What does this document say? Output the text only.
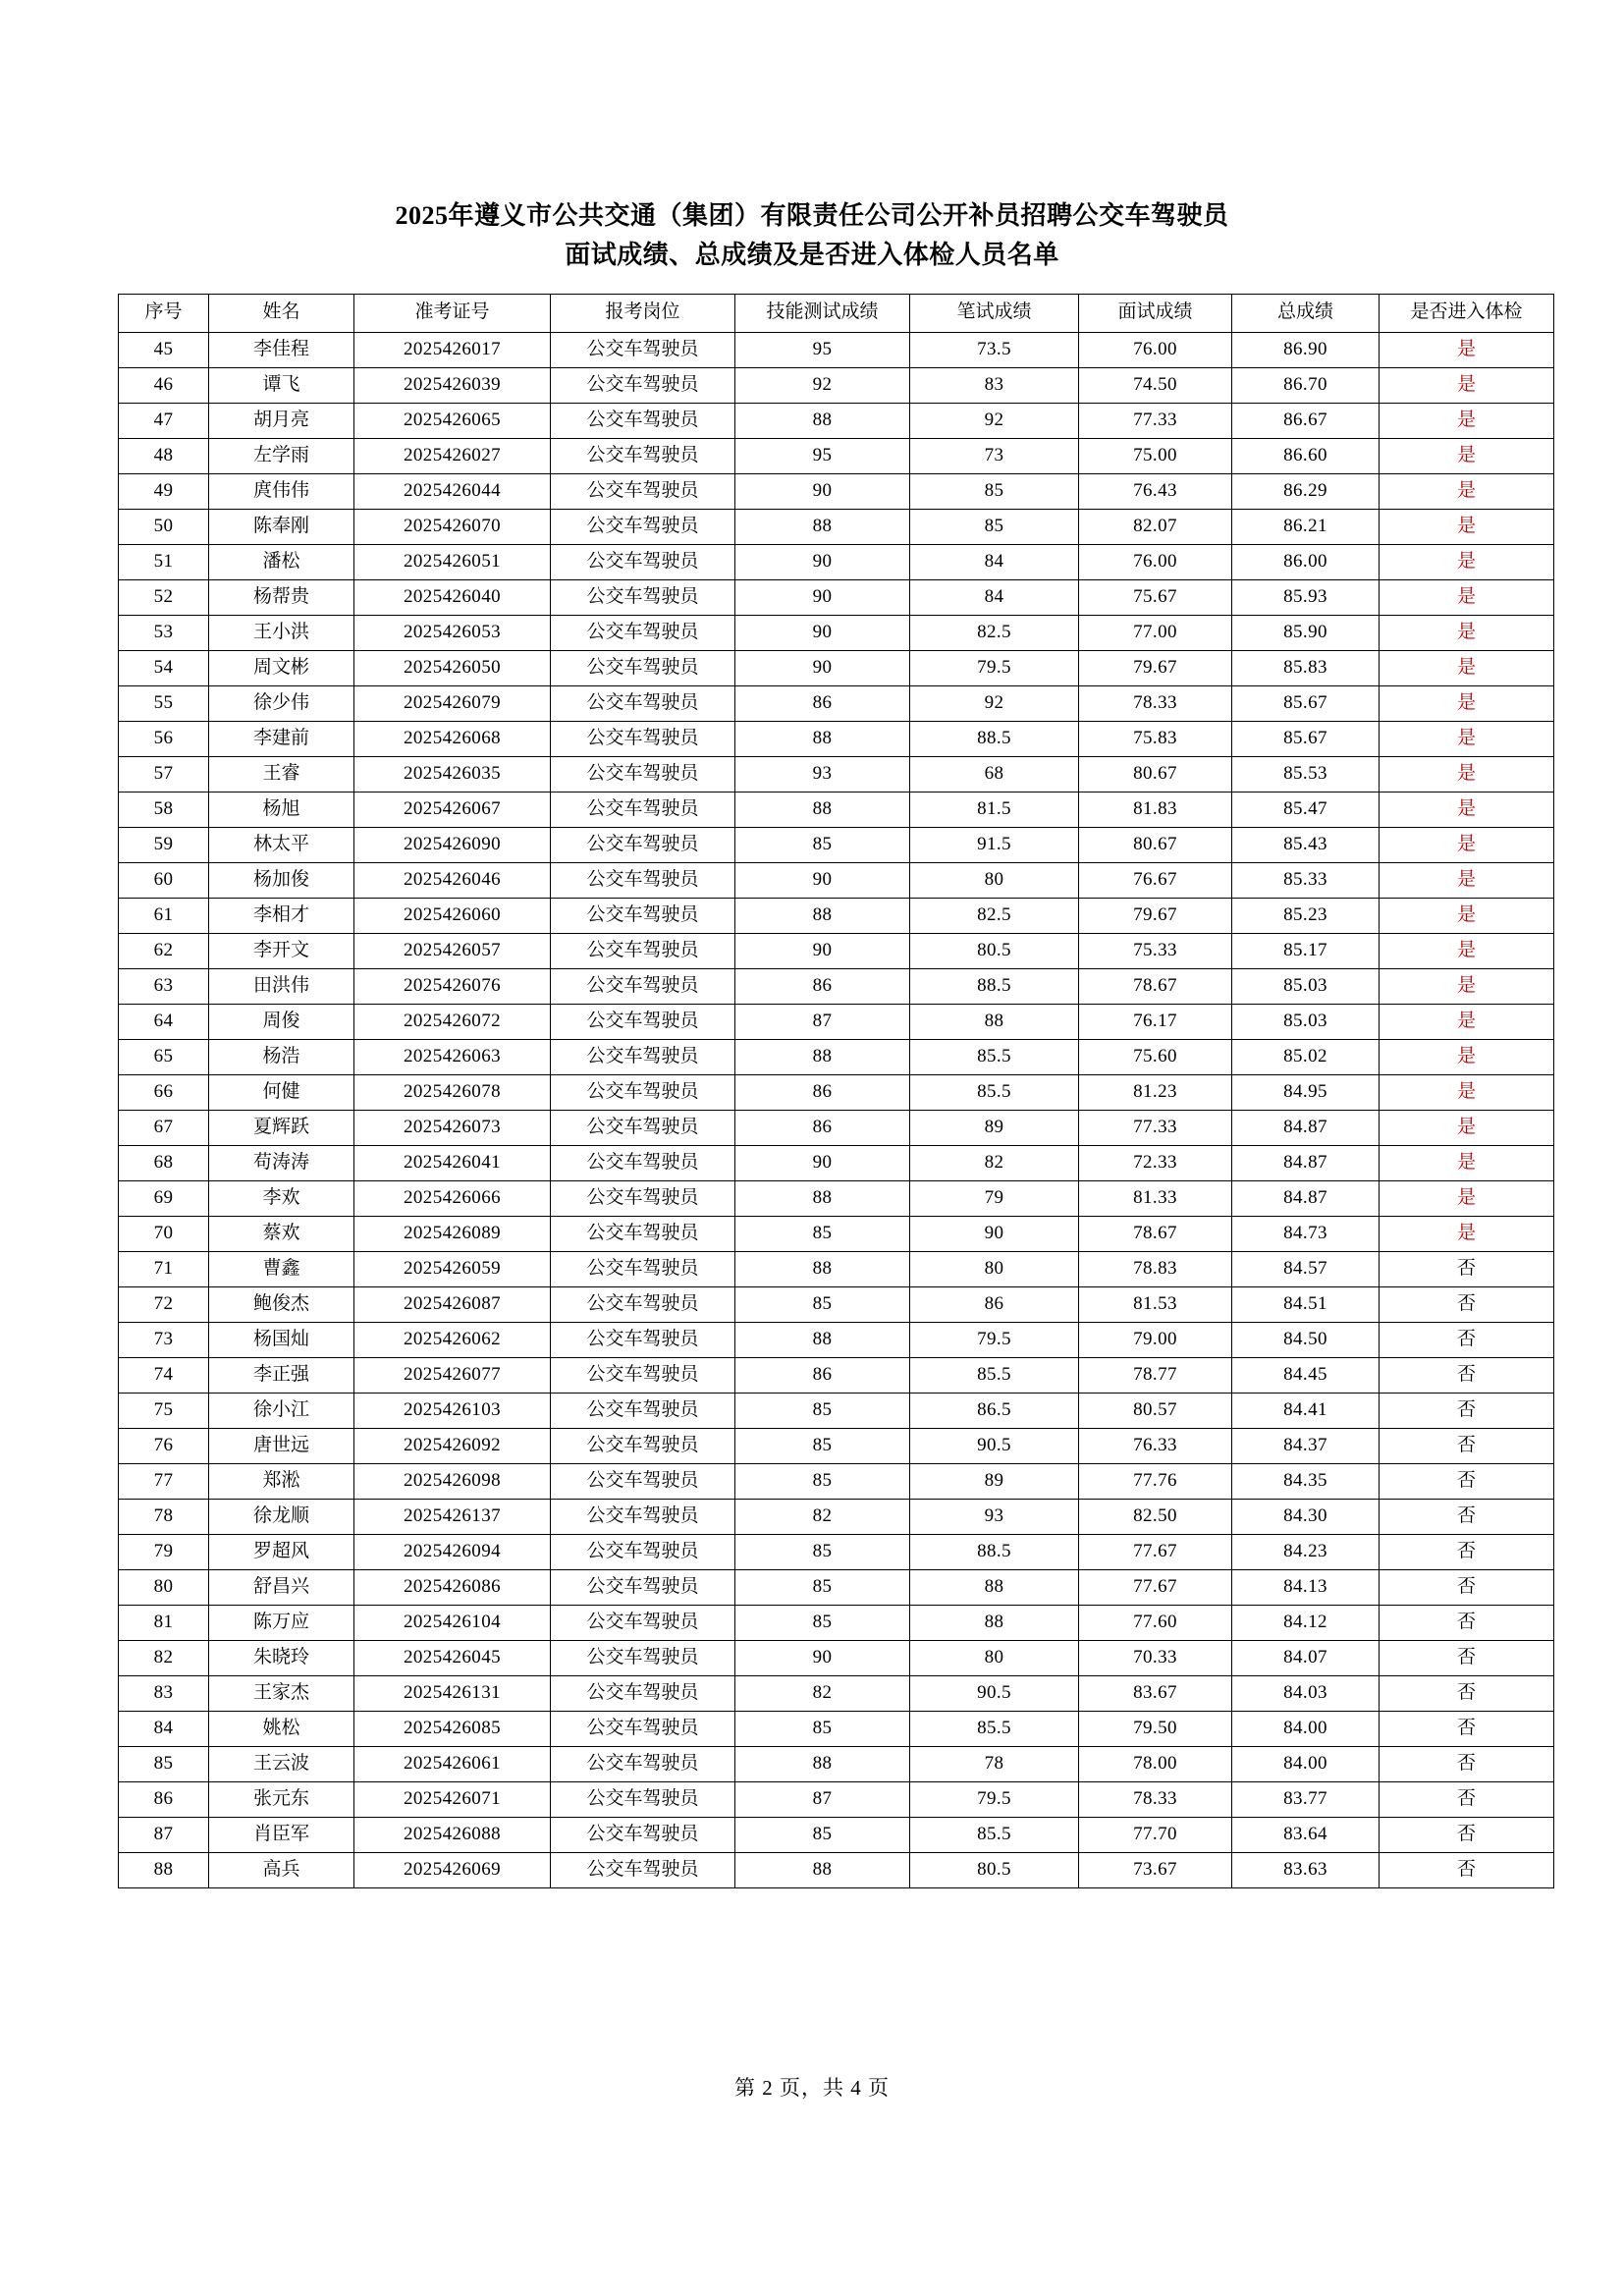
2025年遵义市公共交通（集团）有限责任公司公开补员招聘公交车驾驶员
面试成绩、总成绩及是否进入体检人员名单
序号	姓名	准考证号	报考岗位	技能测试成绩	笔试成绩	面试成绩	总成绩	是否进入体检
45	李佳程	2025426017	公交车驾驶员	95	73.5	76.00	86.90	是
46	谭飞	2025426039	公交车驾驶员	92	83	74.50	86.70	是
47	胡月亮	2025426065	公交车驾驶员	88	92	77.33	86.67	是
48	左学雨	2025426027	公交车驾驶员	95	73	75.00	86.60	是
49	庹伟伟	2025426044	公交车驾驶员	90	85	76.43	86.29	是
50	陈奉刚	2025426070	公交车驾驶员	88	85	82.07	86.21	是
51	潘松	2025426051	公交车驾驶员	90	84	76.00	86.00	是
52	杨帮贵	2025426040	公交车驾驶员	90	84	75.67	85.93	是
53	王小洪	2025426053	公交车驾驶员	90	82.5	77.00	85.90	是
54	周文彬	2025426050	公交车驾驶员	90	79.5	79.67	85.83	是
55	徐少伟	2025426079	公交车驾驶员	86	92	78.33	85.67	是
56	李建前	2025426068	公交车驾驶员	88	88.5	75.83	85.67	是
57	王睿	2025426035	公交车驾驶员	93	68	80.67	85.53	是
58	杨旭	2025426067	公交车驾驶员	88	81.5	81.83	85.47	是
59	林太平	2025426090	公交车驾驶员	85	91.5	80.67	85.43	是
60	杨加俊	2025426046	公交车驾驶员	90	80	76.67	85.33	是
61	李相才	2025426060	公交车驾驶员	88	82.5	79.67	85.23	是
62	李开文	2025426057	公交车驾驶员	90	80.5	75.33	85.17	是
63	田洪伟	2025426076	公交车驾驶员	86	88.5	78.67	85.03	是
64	周俊	2025426072	公交车驾驶员	87	88	76.17	85.03	是
65	杨浩	2025426063	公交车驾驶员	88	85.5	75.60	85.02	是
66	何健	2025426078	公交车驾驶员	86	85.5	81.23	84.95	是
67	夏辉跃	2025426073	公交车驾驶员	86	89	77.33	84.87	是
68	苟涛涛	2025426041	公交车驾驶员	90	82	72.33	84.87	是
69	李欢	2025426066	公交车驾驶员	88	79	81.33	84.87	是
70	蔡欢	2025426089	公交车驾驶员	85	90	78.67	84.73	是
71	曹鑫	2025426059	公交车驾驶员	88	80	78.83	84.57	否
72	鲍俊杰	2025426087	公交车驾驶员	85	86	81.53	84.51	否
73	杨国灿	2025426062	公交车驾驶员	88	79.5	79.00	84.50	否
74	李正强	2025426077	公交车驾驶员	86	85.5	78.77	84.45	否
75	徐小江	2025426103	公交车驾驶员	85	86.5	80.57	84.41	否
76	唐世远	2025426092	公交车驾驶员	85	90.5	76.33	84.37	否
77	郑淞	2025426098	公交车驾驶员	85	89	77.76	84.35	否
78	徐龙顺	2025426137	公交车驾驶员	82	93	82.50	84.30	否
79	罗超风	2025426094	公交车驾驶员	85	88.5	77.67	84.23	否
80	舒昌兴	2025426086	公交车驾驶员	85	88	77.67	84.13	否
81	陈万应	2025426104	公交车驾驶员	85	88	77.60	84.12	否
82	朱晓玲	2025426045	公交车驾驶员	90	80	70.33	84.07	否
83	王家杰	2025426131	公交车驾驶员	82	90.5	83.67	84.03	否
84	姚松	2025426085	公交车驾驶员	85	85.5	79.50	84.00	否
85	王云波	2025426061	公交车驾驶员	88	78	78.00	84.00	否
86	张元东	2025426071	公交车驾驶员	87	79.5	78.33	83.77	否
87	肖臣军	2025426088	公交车驾驶员	85	85.5	77.70	83.64	否
88	高兵	2025426069	公交车驾驶员	88	80.5	73.67	83.63	否
第 2 页，共 4 页
